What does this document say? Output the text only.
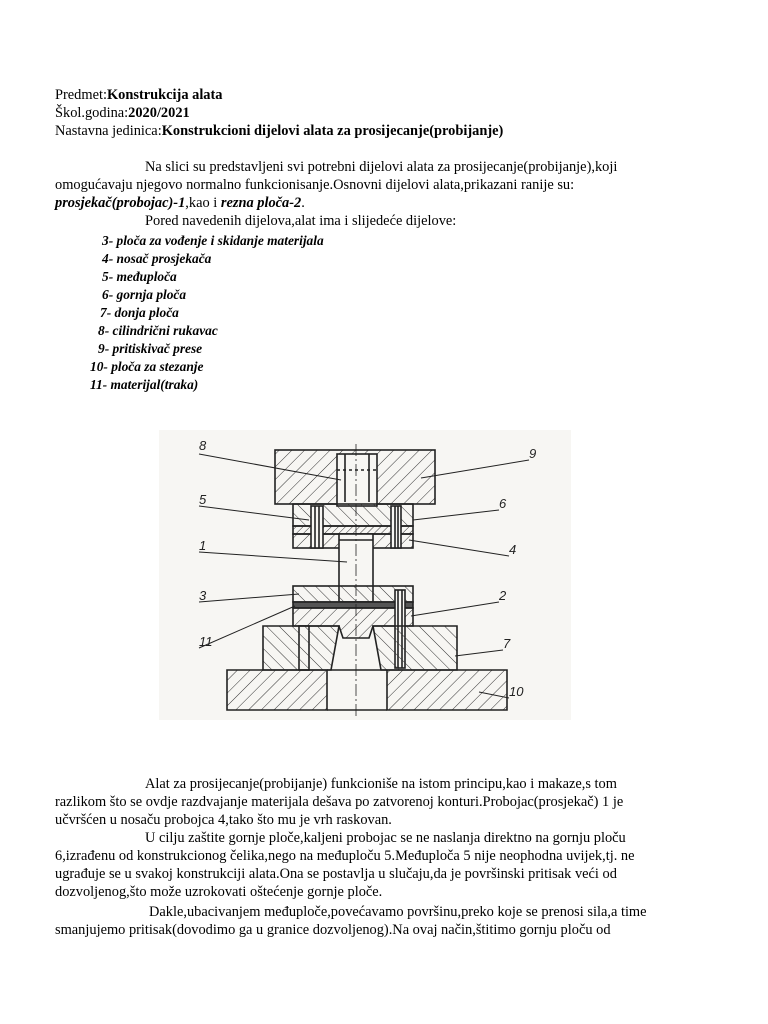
Predmet:Konstrukcija alata
Škol.godina:2020/2021
Nastavna jedinica:Konstrukcioni dijelovi alata za prosijecanje(probijanje)
Na slici su predstavljeni svi potrebni dijelovi alata za prosijecanje(probijanje),koji
omogućavaju njegovo normalno funkcionisanje.Osnovni dijelovi alata,prikazani ranije su:
prosjekač(probojac)-1,kao i rezna ploča-2.
Pored navedenih dijelova,alat ima i slijedeće dijelove:
3- ploča za vođenje i skidanje materijala
4- nosač prosjekača
5- međuploča
6- gornja ploča
7- donja ploča
8- cilindrični rukavac
9- pritiskivač prese
10- ploča za stezanje
11- materijal(traka)
8
9
5	6
1	4
3	2
11	7
10
Alat za prosijecanje(probijanje) funkcioniše na istom principu,kao i makaze,s tom
razlikom što se ovdje razdvajanje materijala dešava po zatvorenoj konturi.Probojac(prosjekač) 1 je
učvršćen u nosaču probojca 4,tako što mu je vrh raskovan.
U cilju zaštite gornje ploče,kaljeni probojac se ne naslanja direktno na gornju ploču
6,izrađenu od konstrukcionog čelika,nego na međuploču 5.Međuploča 5 nije neophodna uvijek,tj. ne
ugrađuje se u svakoj konstrukciji alata.Ona se postavlja u slučaju,da je površinski pritisak veći od
dozvoljenog,što može uzrokovati oštećenje gornje ploče.
Dakle,ubacivanjem međuploče,povećavamo površinu,preko koje se prenosi sila,a time
smanjujemo pritisak(dovodimo ga u granice dozvoljenog).Na ovaj način,štitimo gornju ploču od
